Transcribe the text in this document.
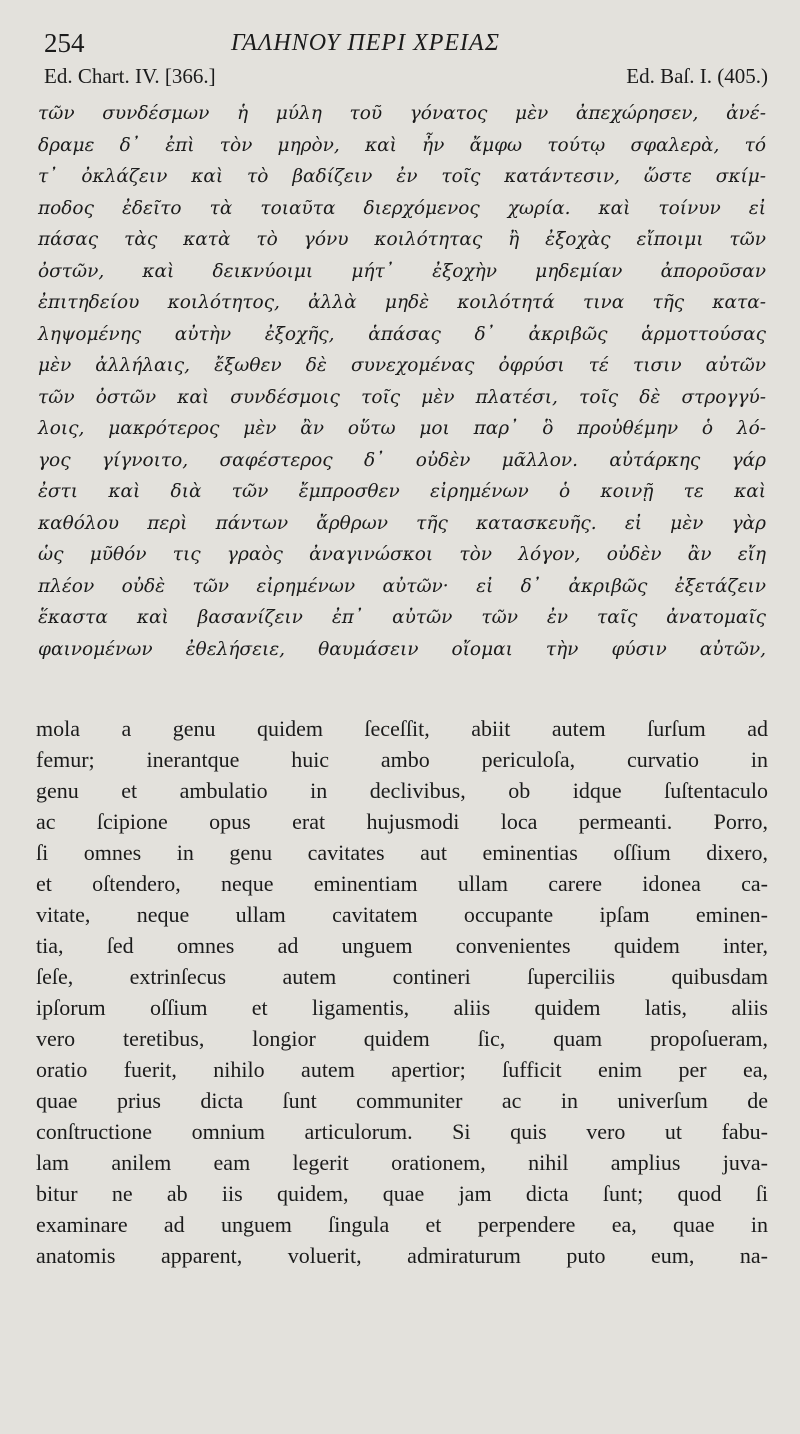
254	ΓΑΛΗΝΟΥ ΠΕΡΙ ΧΡΕΙΑΣ
Ed. Chart. IV. [366.]	Ed. Baſ. I. (405.)
τῶν συνδέσμων ἡ μύλη τοῦ γόνατος μὲν ἀπεχώρησεν, ἀνέ-
δραμε δ᾽ ἐπὶ τὸν μηρὸν, καὶ ἦν ἄμφω τούτῳ σφαλερὰ, τό
τ᾽ ὀκλάζειν καὶ τὸ βαδίζειν ἐν τοῖς κατάντεσιν, ὥστε σκίμ-
ποδος ἐδεῖτο τὰ τοιαῦτα διερχόμενος χωρία. καὶ τοίνυν εἰ
πάσας τὰς κατὰ τὸ γόνυ κοιλότητας ἢ ἐξοχὰς εἴποιμι τῶν
ὀστῶν, καὶ δεικνύοιμι μήτ᾽ ἐξοχὴν μηδεμίαν ἀποροῦσαν
ἐπιτηδείου κοιλότητος, ἀλλὰ μηδὲ κοιλότητά τινα τῆς κατα-
ληψομένης αὐτὴν ἐξοχῆς, ἁπάσας δ᾽ ἀκριβῶς ἁρμοττούσας
μὲν ἀλλήλαις, ἔξωθεν δὲ συνεχομένας ὀφρύσι τέ τισιν αὐτῶν
τῶν ὀστῶν καὶ συνδέσμοις τοῖς μὲν πλατέσι, τοῖς δὲ στρογγύ-
λοις, μακρότερος μὲν ἂν οὕτω μοι παρ᾽ ὃ προὐθέμην ὁ λό-
γος γίγνοιτο, σαφέστερος δ᾽ οὐδὲν μᾶλλον. αὐτάρκης γάρ
ἐστι καὶ διὰ τῶν ἔμπροσθεν εἰρημένων ὁ κοινῇ τε καὶ
καθόλου περὶ πάντων ἄρθρων τῆς κατασκευῆς. εἰ μὲν γὰρ
ὡς μῦθόν τις γραὸς ἀναγινώσκοι τὸν λόγον, οὐδὲν ἂν εἴη
πλέον οὐδὲ τῶν εἰρημένων αὐτῶν· εἰ δ᾽ ἀκριβῶς ἐξετάζειν
ἕκαστα καὶ βασανίζειν ἐπ᾽ αὐτῶν τῶν ἐν ταῖς ἀνατομαῖς
φαινομένων ἐθελήσειε, θαυμάσειν οἴομαι τὴν φύσιν αὐτῶν,
mola a genu quidem ſeceſſit, abiit autem ſurſum ad
femur; inerantque huic ambo periculoſa, curvatio in
genu et ambulatio in declivibus, ob idque ſuſtentaculo
ac ſcipione opus erat hujusmodi loca permeanti. Porro,
ſi omnes in genu cavitates aut eminentias oſſium dixero,
et oſtendero, neque eminentiam ullam carere idonea ca-
vitate, neque ullam cavitatem occupante ipſam eminen-
tia, ſed omnes ad unguem convenientes quidem inter,
ſeſe, extrinſecus autem contineri ſuperciliis quibusdam
ipſorum oſſium et ligamentis, aliis quidem latis, aliis
vero teretibus, longior quidem ſic, quam propoſueram,
oratio fuerit, nihilo autem apertior; ſufficit enim per ea,
quae prius dicta ſunt communiter ac in univerſum de
conſtructione omnium articulorum. Si quis vero ut fabu-
lam anilem eam legerit orationem, nihil amplius juva-
bitur ne ab iis quidem, quae jam dicta ſunt; quod ſi
examinare ad unguem ſingula et perpendere ea, quae in
anatomis apparent, voluerit, admiraturum puto eum, na-
